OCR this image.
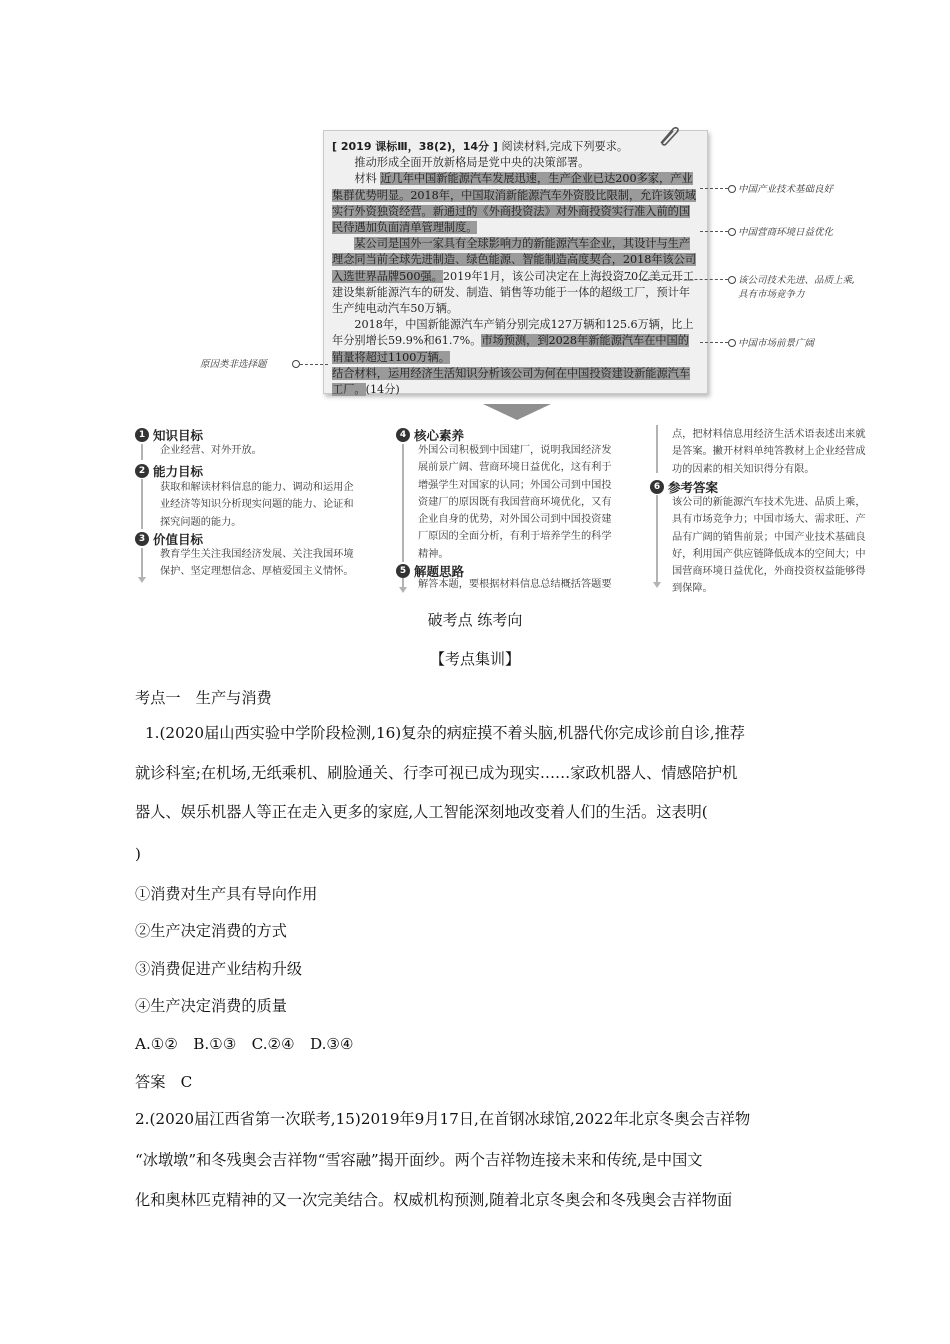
[ 2019 课标Ⅲ，38(2)，14分 ] 阅读材料,完成下列要求。

推动形成全面开放新格局是党中央的决策部署。

材料 近几年中国新能源汽车发展迅速，生产企业已达200多家，产业集群优势明显。2018年，中国取消新能源汽车外资股比限制，允许该领域实行外资独资经营。新通过的《外商投资法》对外商投资实行准入前的国民待遇加负面清单管理制度。

某公司是国外一家具有全球影响力的新能源汽车企业，其设计与生产理念同当前全球先进制造、绿色能源、智能制造高度契合，2018年该公司入选世界品牌500强。2019年1月，该公司决定在上海投资70亿美元开工建设集新能源汽车的研发、制造、销售等功能于一体的超级工厂，预计年生产纯电动汽车50万辆。

2018年，中国新能源汽车产销分别完成127万辆和125.6万辆，比上年分别增长59.9%和61.7%。市场预测，到2028年新能源汽车在中国的销量将超过1100万辆。

结合材料，运用经济生活知识分析该公司为何在中国投资建设新能源汽车工厂。(14分)

中国产业技术基础良好
中国营商环境日益优化
该公司技术先进、品质上乘,
具有市场竞争力
中国市场前景广阔
原因类非选择题
1 知识目标
企业经营、对外开放。
2 能力目标
获取和解读材料信息的能力、调动和运用企
业经济等知识分析现实问题的能力、论证和
探究问题的能力。
3 价值目标
教育学生关注我国经济发展、关注我国环境
保护、坚定理想信念、厚植爱国主义情怀。
4 核心素养
外国公司积极到中国建厂，说明我国经济发
展前景广阔、营商环境日益优化，这有利于
增强学生对国家的认同；外国公司到中国投
资建厂的原因既有我国营商环境优化，又有
企业自身的优势，对外国公司到中国投资建
厂原因的全面分析，有利于培养学生的科学
精神。
5 解题思路
解答本题，要根据材料信息总结概括答题要
点，把材料信息用经济生活术语表述出来就
是答案。撇开材料单纯答教材上企业经营成
功的因素的相关知识得分有限。
6 参考答案
该公司的新能源汽车技术先进、品质上乘，
具有市场竞争力；中国市场大、需求旺、产
品有广阔的销售前景；中国产业技术基础良
好，利用国产供应链降低成本的空间大；中
国营商环境日益优化，外商投资权益能够得
到保障。
破考点 练考向
【考点集训】
考点一　生产与消费
1.(2020届山西实验中学阶段检测,16)复杂的病症摸不着头脑,机器代你完成诊前自诊,推荐
就诊科室;在机场,无纸乘机、刷脸通关、行李可视已成为现实……家政机器人、情感陪护机
器人、娱乐机器人等正在走入更多的家庭,人工智能深刻地改变着人们的生活。这表明(
)
①消费对生产具有导向作用
②生产决定消费的方式
③消费促进产业结构升级
④生产决定消费的质量
A.①②　B.①③　C.②④　D.③④
答案　C
2.(2020届江西省第一次联考,15)2019年9月17日,在首钢冰球馆,2022年北京冬奥会吉祥物
“冰墩墩”和冬残奥会吉祥物“雪容融”揭开面纱。两个吉祥物连接未来和传统,是中国文
化和奥林匹克精神的又一次完美结合。权威机构预测,随着北京冬奥会和冬残奥会吉祥物面
